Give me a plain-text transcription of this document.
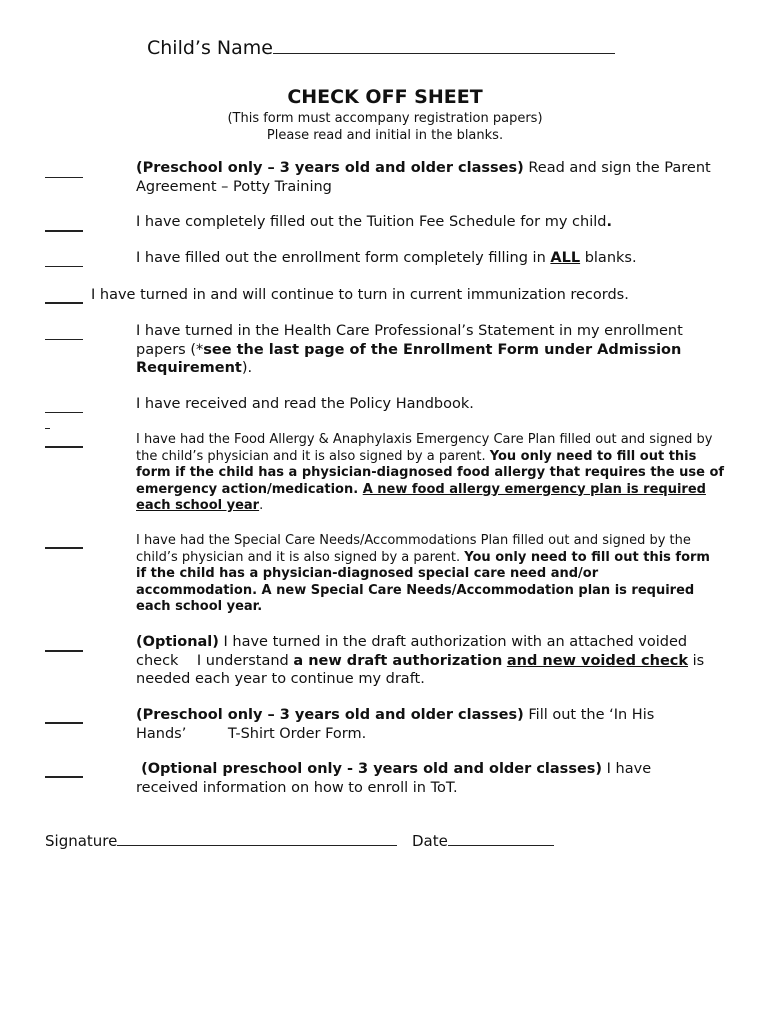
Child’s Name
CHECK OFF SHEET
(This form must accompany registration papers)
Please read and initial in the blanks.
(Preschool only – 3 years old and older classes) Read and sign the Parent Agreement – Potty Training
I have completely filled out the Tuition Fee Schedule for my child.
I have filled out the enrollment form completely filling in ALL blanks.
I have turned in and will continue to turn in current immunization records.
I have turned in the Health Care Professional’s Statement in my enrollment papers (*see the last page of the Enrollment Form under Admission Requirement).
I have received and read the Policy Handbook.
I have had the Food Allergy & Anaphylaxis Emergency Care Plan filled out and signed by the child’s physician and it is also signed by a parent. You only need to fill out this form if the child has a physician-diagnosed food allergy that requires the use of emergency action/medication. A new food allergy emergency plan is required each school year.
I have had the Special Care Needs/Accommodations Plan filled out and signed by the child’s physician and it is also signed by a parent. You only need to fill out this form if the child has a physician-diagnosed special care need and/or accommodation. A new Special Care Needs/Accommodation plan is required each school year.
(Optional) I have turned in the draft authorization with an attached voided check    I understand a new draft authorization and new voided check is needed each year to continue my draft.
(Preschool only – 3 years old and older classes) Fill out the ‘In His Hands’         T-Shirt Order Form.
(Optional preschool only - 3 years old and older classes) I have received information on how to enroll in ToT.
Signature	Date
